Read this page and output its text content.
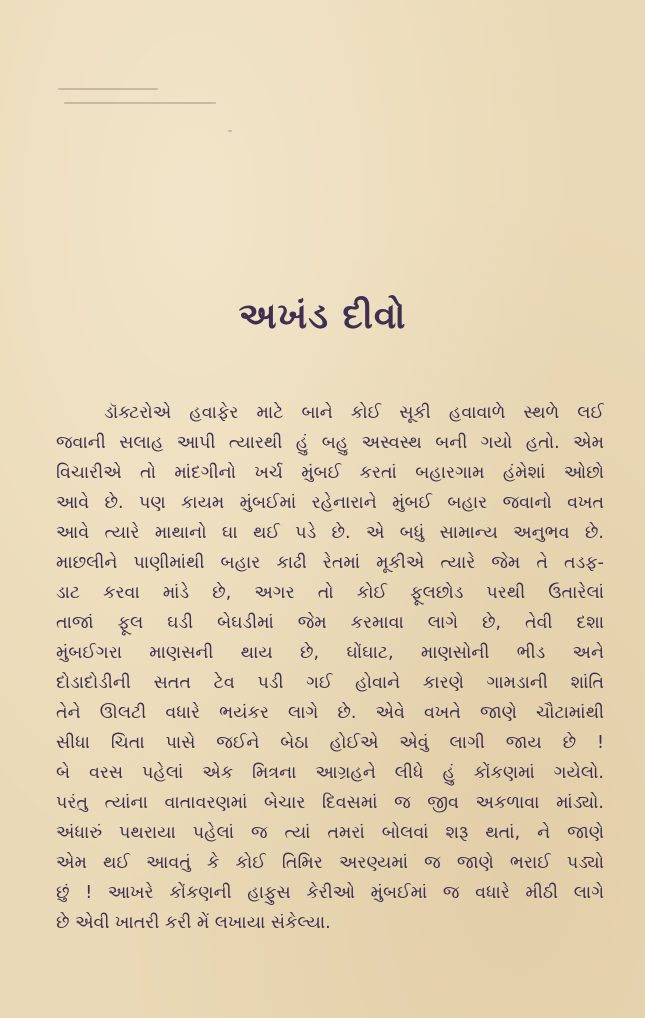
અખંડ દીવો
ડૉક્ટરોએ હવાફેર માટે બાને કોઈ સૂકી હવાવાળે સ્થળે લઈ
જવાની સલાહ આપી ત્યારથી હું બહુ અસ્વસ્થ બની ગયો હતો. એમ
વિચારીએ તો માંદગીનો ખર્ચ મુંબઈ કરતાં બહારગામ હંમેશાં ઓછો
આવે છે. પણ કાયમ મુંબઈમાં રહેનારાને મુંબઈ બહાર જવાનો વખત
આવે ત્યારે માથાનો ઘા થઈ પડે છે. એ બધું સામાન્ય અનુભવ છે.
માછલીને પાણીમાંથી બહાર કાઢી રેતમાં મૂકીએ ત્યારે જેમ તે તડફ-
ડાટ કરવા માંડે છે, અગર તો કોઈ ફૂલછોડ પરથી ઉતારેલાં
તાજાં ફૂલ ઘડી બેઘડીમાં જેમ કરમાવા લાગે છે, તેવી દશા
મુંબઈગરા માણસની થાય છે, ઘોંઘાટ, માણસોની ભીડ અને
દોડાદોડીની સતત ટેવ પડી ગઈ હોવાને કારણે ગામડાની શાંતિ
તેને ઊલટી વધારે ભયંકર લાગે છે. એવે વખતે જાણે ચૌટામાંથી
સીધા ચિતા પાસે જઈને બેઠા હોઈએ એવું લાગી જાય છે !
બે વરસ પહેલાં એક મિત્રના આગ્રહને લીધે હું કોંકણમાં ગયેલો.
પરંતુ ત્યાંના વાતાવરણમાં બેચાર દિવસમાં જ જીવ અકળાવા માંડ્યો.
અંધારું પથરાયા પહેલાં જ ત્યાં તમરાં બોલવાં શરૂ થતાં, ને જાણે
એમ થઈ આવતું કે કોઈ તિમિર અરણ્યમાં જ જાણે ભરાઈ પડ્યો
છું ! આખરે કોંકણની હાફુસ કેરીઓ મુંબઈમાં જ વધારે મીઠી લાગે
છે એવી ખાતરી કરી મેં લખાયા સંકેલ્યા.
